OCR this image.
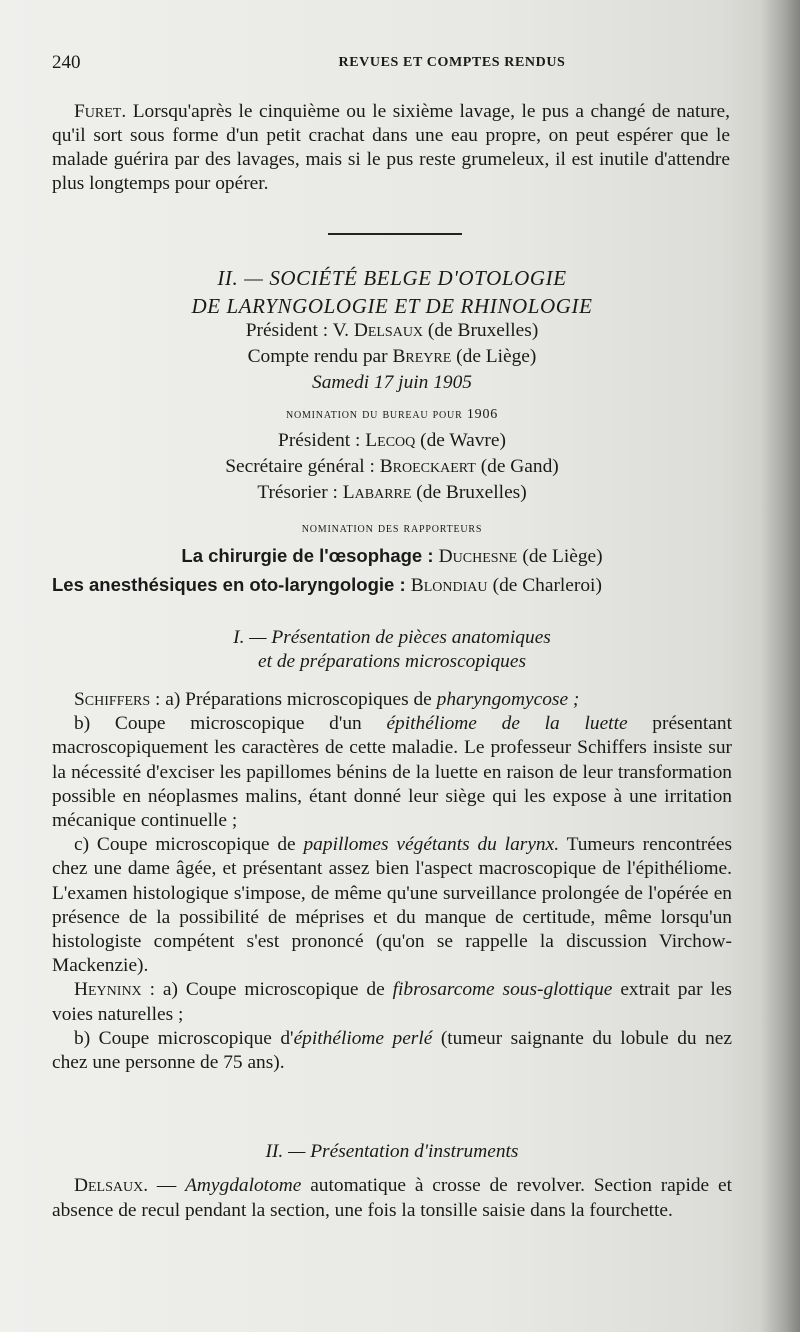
240	REVUES ET COMPTES RENDUS

Furet. Lorsqu'après le cinquième ou le sixième lavage, le pus a changé de nature, qu'il sort sous forme d'un petit crachat dans une eau propre, on peut espérer que le malade guérira par des lavages, mais si le pus reste grumeleux, il est inutile d'attendre plus longtemps pour opérer.

II. — SOCIÉTÉ BELGE D'OTOLOGIE
DE LARYNGOLOGIE ET DE RHINOLOGIE
Président : V. Delsaux (de Bruxelles)
Compte rendu par Breyre (de Liège)
Samedi 17 juin 1905
nomination du bureau pour 1906
Président : Lecoq (de Wavre)
Secrétaire général : Broeckaert (de Gand)
Trésorier : Labarre (de Bruxelles)
nomination des rapporteurs
La chirurgie de l'œsophage : Duchesne (de Liège)
Les anesthésiques en oto-laryngologie : Blondiau (de Charleroi)
I. — Présentation de pièces anatomiques
et de préparations microscopiques

Schiffers : a) Préparations microscopiques de pharyngomycose ;

b) Coupe microscopique d'un épithéliome de la luette présentant macroscopiquement les caractères de cette maladie. Le professeur Schiffers insiste sur la nécessité d'exciser les papillomes bénins de la luette en raison de leur transformation possible en néoplasmes malins, étant donné leur siège qui les expose à une irritation mécanique continuelle ;

c) Coupe microscopique de papillomes végétants du larynx. Tumeurs rencontrées chez une dame âgée, et présentant assez bien l'aspect macroscopique de l'épithéliome. L'examen histologique s'impose, de même qu'une surveillance prolongée de l'opérée en présence de la possibilité de méprises et du manque de certitude, même lorsqu'un histologiste compétent s'est prononcé (qu'on se rappelle la discussion Virchow-Mackenzie).

Heyninx : a) Coupe microscopique de fibrosarcome sous-glottique extrait par les voies naturelles ;

b) Coupe microscopique d'épithéliome perlé (tumeur saignante du lobule du nez chez une personne de 75 ans).

II. — Présentation d'instruments

Delsaux. — Amygdalotome automatique à crosse de revolver. Section rapide et absence de recul pendant la section, une fois la tonsille saisie dans la fourchette.
